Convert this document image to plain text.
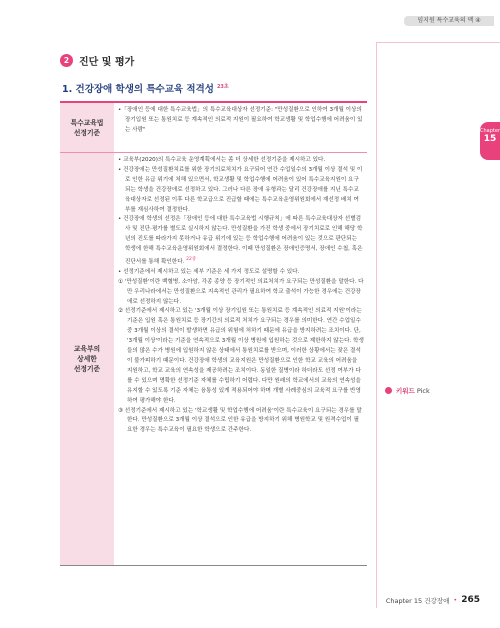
임지원 특수교육의 맥 ④
2 진단 및 평가
1. 건강장애 학생의 특수교육 적격성 $^{23초}$
특수교육법
선정기준

•「장애인 등에 대한 특수교육법」의 특수교육대상자 선정기준: "만성질환으로 인하여 3개월 이상의 장기입원 또는 통원치료 등 계속적인 의료적 지원이 필요하여 학교생활 및 학업수행에 어려움이 있는 사람"

교육부의
상세한
선정기준

• 교육부(2020)의 특수교육 운영계획에서는 좀 더 상세한 선정기준을 제시하고 있다.

• 건강장애는 만성질환치료를 위한 장기의료처치가 요구되어 연간 수업일수의 3개월 이상 결석 및 이로 인한 유급 위기에 처해 있으면서, 학교생활 및 학업수행에 어려움이 있어 특수교육지원이 요구되는 학생을 건강장애로 선정하고 있다. 그러나 다른 장애 유형과는 달리 건강장애를 지닌 특수교육대상자로 선정된 이후 다른 학교급으로 진급할 때에는 특수교육운영위원회에서 재선정 배치 여부를 재심사하여 결정한다.

• 건강장애 학생의 선정은「장애인 등에 대한 특수교육법 시행규칙」에 따른 특수교육대상자 선별검사 및 진단·평가를 별도로 실시하지 않는다. 만성질환을 가진 학생 중에서 장기치료로 인해 해당 학년의 진도를 따라가지 못하거나 유급 위기에 있는 등 학업수행에 어려움이 있는 것으로 판단되는 학생에 한해 특수교육운영위원회에서 결정한다. 이때 만성질환은 장애인증명서, 장애인 수첩, 혹은 진단서를 통해 확인한다. $^{22중}$

• 선정기준에서 제시하고 있는 세부 기준은 세 가지 정도로 설명할 수 있다.

① '만성질환'이란 백혈병, 소아암, 각종 종양 등 장기적인 의료처치가 요구되는 만성질환을 말한다. 다만 우리나라에서는 만성질환으로 지속적인 관리가 필요하여 학교 출석이 가능한 경우에는 건강장애로 선정하지 않는다.

② 선정기준에서 제시하고 있는 '3개월 이상 장기입원 또는 통원치료 등 계속적인 의료적 지원'이라는 기준은 입원 혹은 통원치료 등 장기간의 의료적 처치가 요구되는 경우를 의미한다. 연간 수업일수 중 3개월 이상의 결석이 발생하면 유급의 위험에 처하기 때문에 유급을 방지하려는 조치이다. 단, '3개월 이상'이라는 기준을 연속적으로 3개월 이상 병원에 입원하는 것으로 제한하지 않는다. 학생들의 많은 수가 병원에 입원하지 않은 상태에서 통원치료를 받으며, 이러한 상황에서는 잦은 결석이 불가피하기 때문이다. 건강장애 학생의 교육지원은 만성질환으로 인한 학교 교육의 어려움을 지원하고, 학교 교육의 연속성을 제공하려는 조치이다. 동일한 질병이라 하더라도 선정 여부가 다를 수 있으며 명확한 선정기준 자체를 수립하기 어렵다. 다만 원래의 학교에서의 교육의 연속성을 유지할 수 있도록 기준 자체는 융통성 있게 적용되어야 하며 개별 사례중심의 교육적 요구를 반영하여 평가해야 한다.

③ 선정기준에서 제시하고 있는 '학교생활 및 학업수행에 어려움'이란 특수교육이 요구되는 경우를 말한다. 만성질환으로 3개월 이상 결석으로 인한 유급을 방지하기 위해 병원학교 및 원격수업이 필요한 경우는 특수교육이 필요한 학생으로 간주한다.

Chapter
15
키워드 Pick
Chapter 15 건강장애 • 265
